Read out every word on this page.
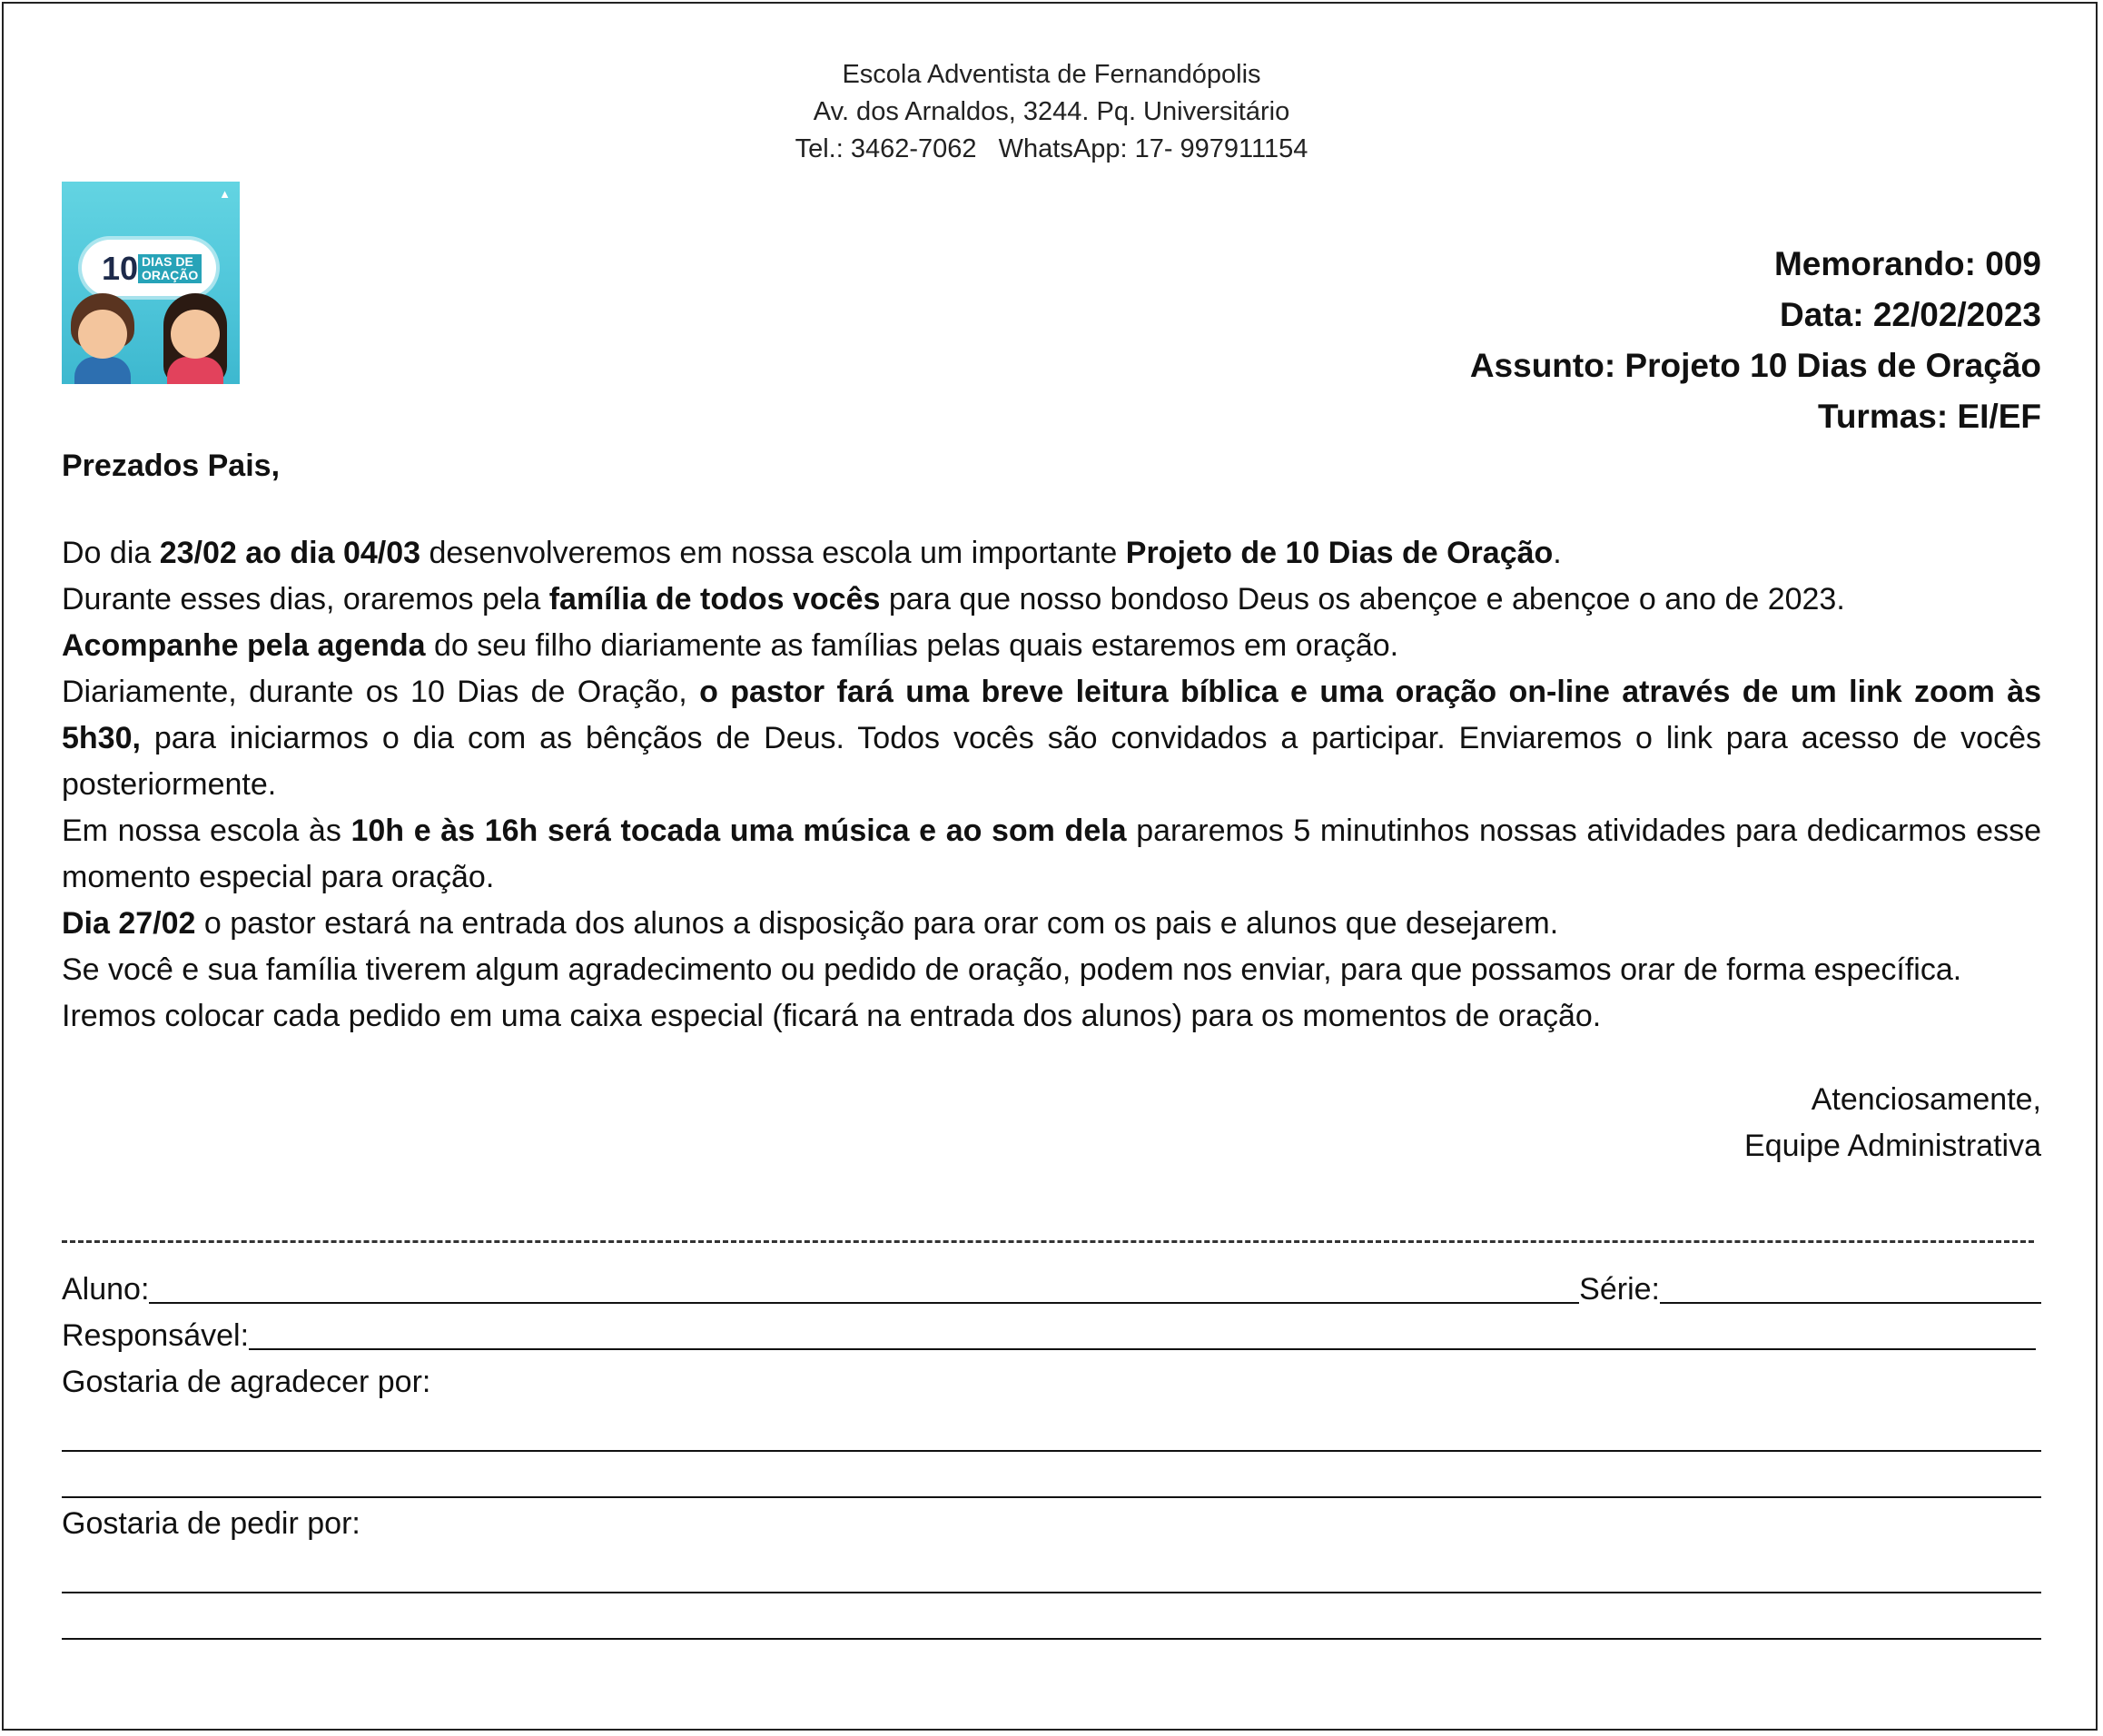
Escola Adventista de Fernandópolis
Av. dos Arnaldos, 3244. Pq. Universitário
Tel.: 3462-7062   WhatsApp: 17- 997911154
▲
10 DIAS DE
ORAÇÃO	Memorando: 009
Data: 22/02/2023
Assunto: Projeto 10 Dias de Oração
Turmas: EI/EF
Prezados Pais,

Do dia 23/02 ao dia 04/03 desenvolveremos em nossa escola um importante Projeto de 10 Dias de Oração.

Durante esses dias, oraremos pela família de todos vocês para que nosso bondoso Deus os abençoe e abençoe o ano de 2023.

Acompanhe pela agenda do seu filho diariamente as famílias pelas quais estaremos em oração.

Diariamente, durante os 10 Dias de Oração, o pastor fará uma breve leitura bíblica e uma oração on-line através de um link zoom às 5h30, para iniciarmos o dia com as bênçãos de Deus. Todos vocês são convidados a participar. Enviaremos o link para acesso de vocês posteriormente.

Em nossa escola às 10h e às 16h será tocada uma música e ao som dela pararemos 5 minutinhos nossas atividades para dedicarmos esse momento especial para oração.

Dia 27/02 o pastor estará na entrada dos alunos a disposição para orar com os pais e alunos que desejarem.

Se você e sua família tiverem algum agradecimento ou pedido de oração, podem nos enviar, para que possamos orar de forma específica. Iremos colocar cada pedido em uma caixa especial (ficará na entrada dos alunos) para os momentos de oração.

Atenciosamente,
Equipe Administrativa
Aluno:	Série:
Responsável:
Gostaria de agradecer por:
Gostaria de pedir por:
